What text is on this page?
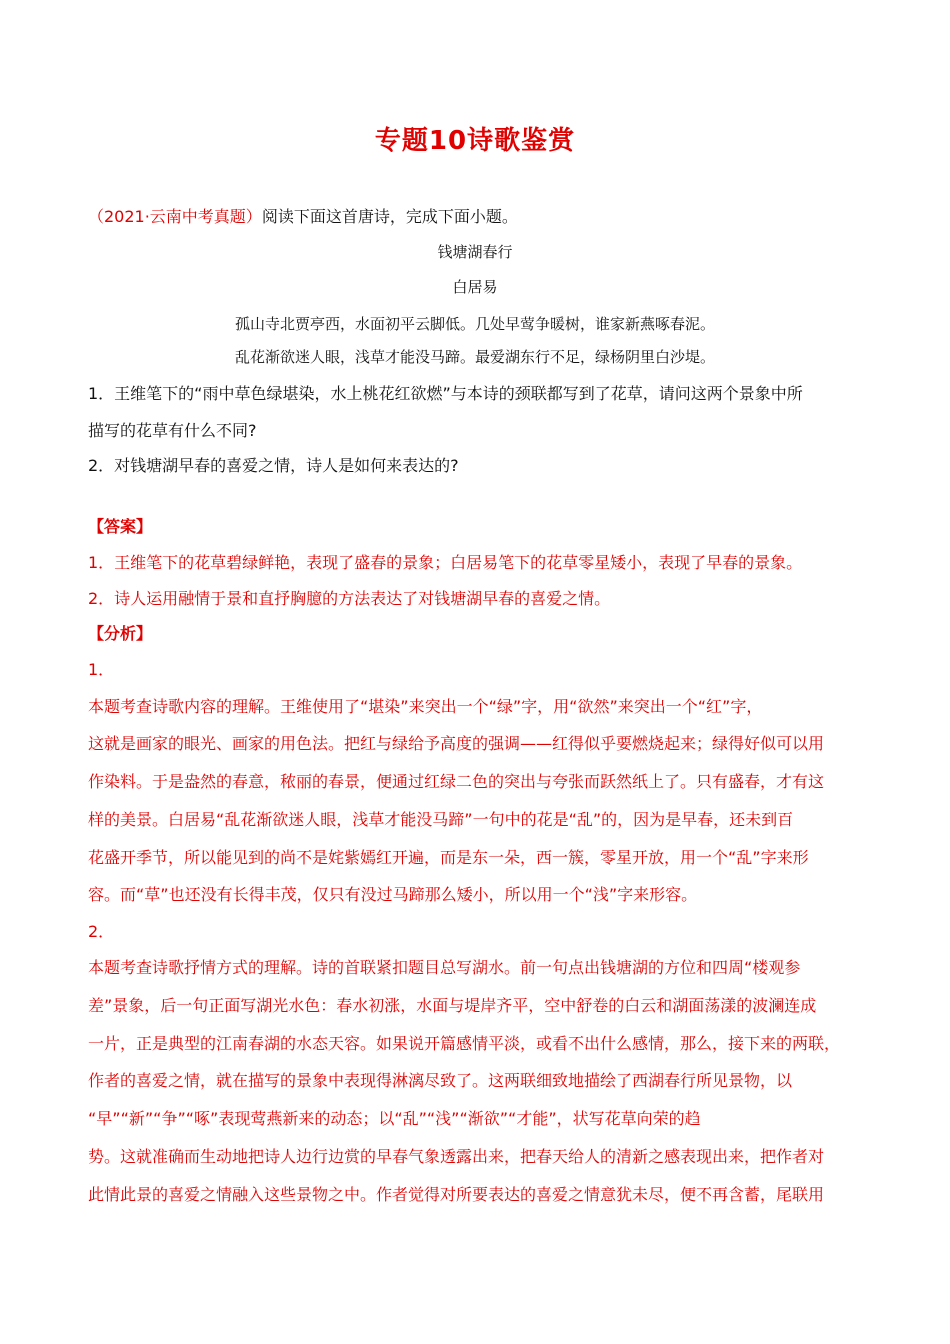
专题10诗歌鉴赏
（2021·云南中考真题）阅读下面这首唐诗，完成下面小题。
钱塘湖春行
白居易
孤山寺北贾亭西，水面初平云脚低。几处早莺争暖树，谁家新燕啄春泥。
乱花渐欲迷人眼，浅草才能没马蹄。最爱湖东行不足，绿杨阴里白沙堤。
1．王维笔下的“雨中草色绿堪染，水上桃花红欲燃”与本诗的颈联都写到了花草，请问这两个景象中所
描写的花草有什么不同?
2．对钱塘湖早春的喜爱之情，诗人是如何来表达的?
【答案】
1．王维笔下的花草碧绿鲜艳，表现了盛春的景象；白居易笔下的花草零星矮小，表现了早春的景象。
2．诗人运用融情于景和直抒胸臆的方法表达了对钱塘湖早春的喜爱之情。
【分析】
1．
本题考查诗歌内容的理解。王维使用了“堪染”来突出一个“绿”字，用“欲然”来突出一个“红”字，
这就是画家的眼光、画家的用色法。把红与绿给予高度的强调——红得似乎要燃烧起来；绿得好似可以用
作染料。于是盎然的春意，秾丽的春景，便通过红绿二色的突出与夸张而跃然纸上了。只有盛春，才有这
样的美景。白居易“乱花渐欲迷人眼，浅草才能没马蹄”一句中的花是“乱”的，因为是早春，还未到百
花盛开季节，所以能见到的尚不是姹紫嫣红开遍，而是东一朵，西一簇，零星开放，用一个“乱”字来形
容。而“草”也还没有长得丰茂，仅只有没过马蹄那么矮小，所以用一个“浅”字来形容。
2．
本题考查诗歌抒情方式的理解。诗的首联紧扣题目总写湖水。前一句点出钱塘湖的方位和四周“楼观参
差”景象，后一句正面写湖光水色：春水初涨，水面与堤岸齐平，空中舒卷的白云和湖面荡漾的波澜连成
一片，正是典型的江南春湖的水态天容。如果说开篇感情平淡，或看不出什么感情，那么，接下来的两联，
作者的喜爱之情，就在描写的景象中表现得淋漓尽致了。这两联细致地描绘了西湖春行所见景物，以
“早”“新”“争”“啄”表现莺燕新来的动态；以“乱”“浅”“渐欲”“才能”，状写花草向荣的趋
势。这就准确而生动地把诗人边行边赏的早春气象透露出来，把春天给人的清新之感表现出来，把作者对
此情此景的喜爱之情融入这些景物之中。作者觉得对所要表达的喜爱之情意犹未尽，便不再含蓄，尾联用
